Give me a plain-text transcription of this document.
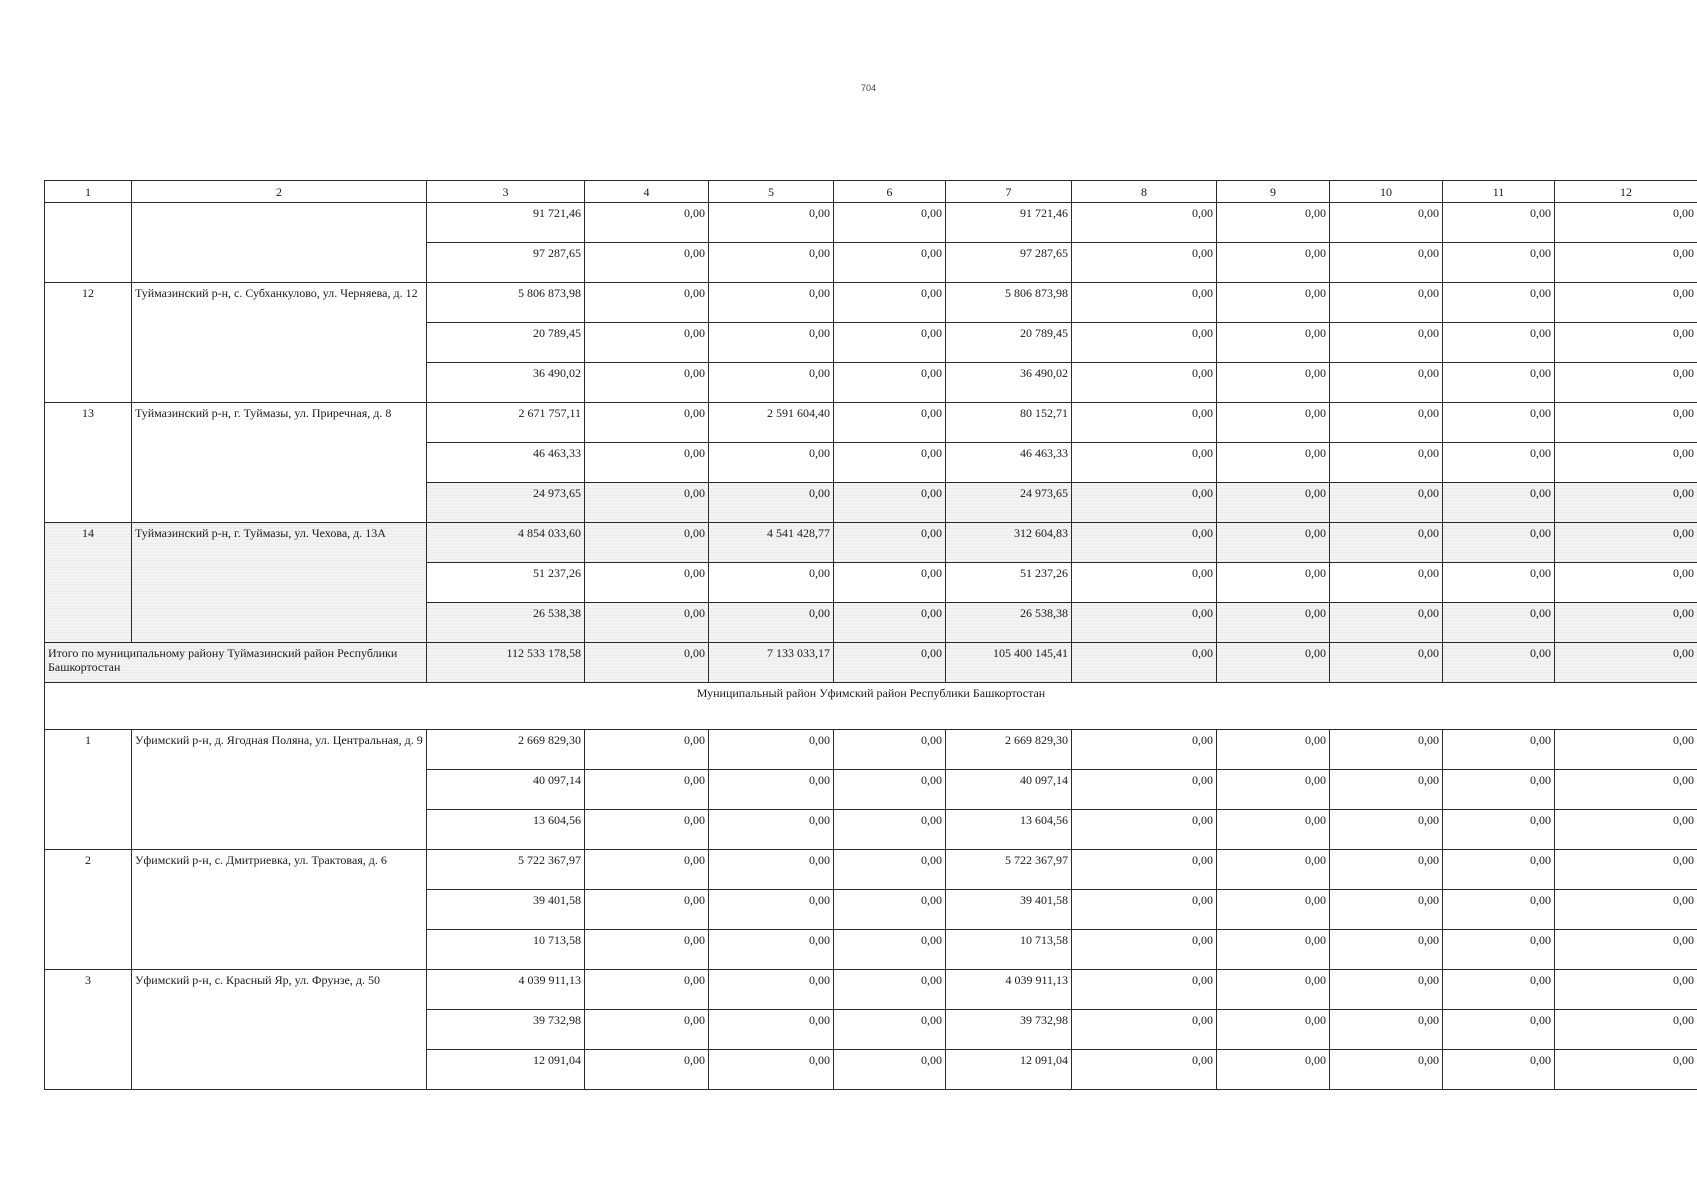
704
1	2	3	4	5	6	7	8	9	10	11	12
		91 721,46	0,00	0,00	0,00	91 721,46	0,00	0,00	0,00	0,00	0,00
		97 287,65	0,00	0,00	0,00	97 287,65	0,00	0,00	0,00	0,00	0,00
12	Туймазинский р-н, с. Субханкулово, ул. Черняева, д. 12	5 806 873,98	0,00	0,00	0,00	5 806 873,98	0,00	0,00	0,00	0,00	0,00
		20 789,45	0,00	0,00	0,00	20 789,45	0,00	0,00	0,00	0,00	0,00
		36 490,02	0,00	0,00	0,00	36 490,02	0,00	0,00	0,00	0,00	0,00
13	Туймазинский р-н, г. Туймазы, ул. Приречная, д. 8	2 671 757,11	0,00	2 591 604,40	0,00	80 152,71	0,00	0,00	0,00	0,00	0,00
		46 463,33	0,00	0,00	0,00	46 463,33	0,00	0,00	0,00	0,00	0,00
		24 973,65	0,00	0,00	0,00	24 973,65	0,00	0,00	0,00	0,00	0,00
14	Туймазинский р-н, г. Туймазы, ул. Чехова, д. 13А	4 854 033,60	0,00	4 541 428,77	0,00	312 604,83	0,00	0,00	0,00	0,00	0,00
		51 237,26	0,00	0,00	0,00	51 237,26	0,00	0,00	0,00	0,00	0,00
		26 538,38	0,00	0,00	0,00	26 538,38	0,00	0,00	0,00	0,00	0,00
Итого по муниципальному району Туймазинский район Республики Башкортостан		112 533 178,58	0,00	7 133 033,17	0,00	105 400 145,41	0,00	0,00	0,00	0,00	0,00
Муниципальный район Уфимский район Республики Башкортостан											
1	Уфимский р-н, д. Ягодная Поляна, ул. Центральная, д. 9	2 669 829,30	0,00	0,00	0,00	2 669 829,30	0,00	0,00	0,00	0,00	0,00
		40 097,14	0,00	0,00	0,00	40 097,14	0,00	0,00	0,00	0,00	0,00
		13 604,56	0,00	0,00	0,00	13 604,56	0,00	0,00	0,00	0,00	0,00
2	Уфимский р-н, с. Дмитриевка, ул. Трактовая, д. 6	5 722 367,97	0,00	0,00	0,00	5 722 367,97	0,00	0,00	0,00	0,00	0,00
		39 401,58	0,00	0,00	0,00	39 401,58	0,00	0,00	0,00	0,00	0,00
		10 713,58	0,00	0,00	0,00	10 713,58	0,00	0,00	0,00	0,00	0,00
3	Уфимский р-н, с. Красный Яр, ул. Фрунзе, д. 50	4 039 911,13	0,00	0,00	0,00	4 039 911,13	0,00	0,00	0,00	0,00	0,00
		39 732,98	0,00	0,00	0,00	39 732,98	0,00	0,00	0,00	0,00	0,00
		12 091,04	0,00	0,00	0,00	12 091,04	0,00	0,00	0,00	0,00	0,00
